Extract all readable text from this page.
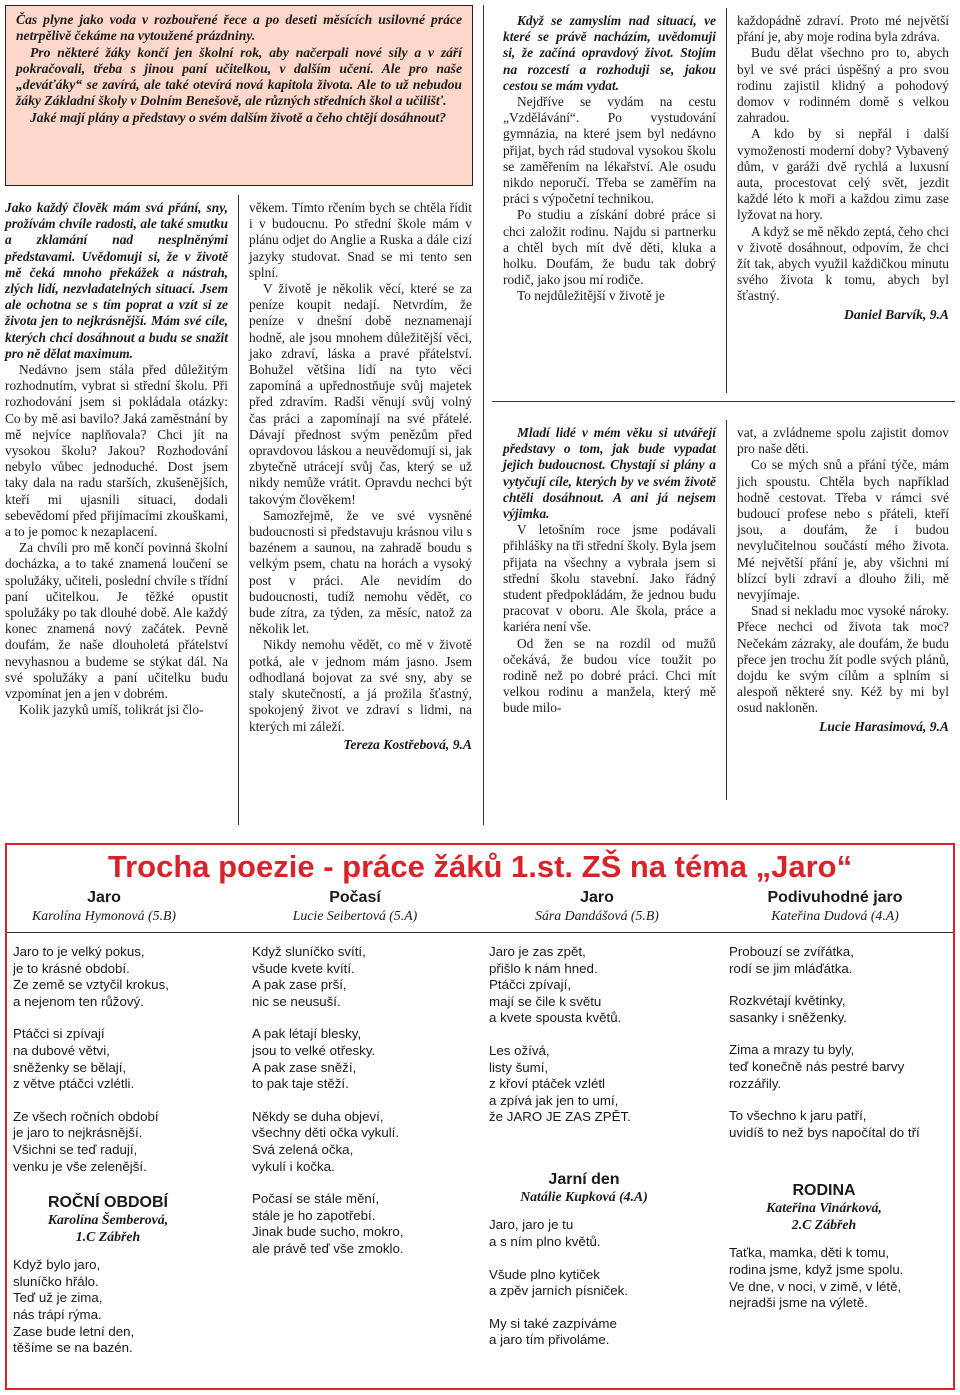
Čas plyne jako voda v rozbouřené řece a po deseti měsících usilovné práce netrpělivě čekáme na vytoužené prázdniny.

Pro některé žáky končí jen školní rok, aby načerpali nové síly a v září pokračovali, třeba s jinou paní učitelkou, v dalším učení. Ale pro naše „deváťáky“ se zavírá, ale také otevírá nová kapitola života. Ale to už nebudou žáky Základní školy v Dolním Benešově, ale různých středních škol a učilišť.

Jaké mají plány a představy o svém dalším životě a čeho chtějí dosáhnout?

Jako každý člověk mám svá přání, sny, prožívám chvíle radosti, ale také smutku a zklamání nad nesplněnými představami. Uvědomuji si, že v životě mě čeká mnoho překážek a nástrah, zlých lidí, nezvladatelných situací. Jsem ale ochotna se s tím poprat a vzít si ze života jen to nejkrásnější. Mám své cíle, kterých chci dosáhnout a budu se snažit pro ně dělat maximum.

Nedávno jsem stála před důležitým rozhodnutím, vybrat si střední školu. Při rozhodování jsem si pokládala otázky: Co by mě asi bavilo? Jaká zaměstnání by mě nejvíce naplňovala? Chci jít na vysokou školu? Jakou? Rozhodování nebylo vůbec jednoduché. Dost jsem taky dala na radu starších, zkušenějších, kteří mi ujasnili situaci, dodali sebevědomí před přijímacími zkouškami, a to je pomoc k nezaplacení.

Za chvíli pro mě končí povinná školní docházka, a to také znamená loučení se spolužáky, učiteli, poslední chvíle s třídní paní učitelkou. Je těžké opustit spolužáky po tak dlouhé době. Ale každý konec znamená nový začátek. Pevně doufám, že naše dlouholetá přátelství nevyhasnou a budeme se stýkat dál. Na své spolužáky a paní učitelku budu vzpomínat jen a jen v dobrém.

Kolik jazyků umíš, tolikrát jsi člo-

věkem. Tímto rčením bych se chtěla řídit i v budoucnu. Po střední škole mám v plánu odjet do Anglie a Ruska a dále cizí jazyky studovat. Snad se mi tento sen splní.

V životě je několik věcí, které se za peníze koupit nedají. Netvrdím, že peníze v dnešní době neznamenají hodně, ale jsou mnohem důležitější věci, jako zdraví, láska a pravé přátelství. Bohužel většina lidí na tyto věci zapomíná a upřednostňuje svůj majetek před zdravím. Radši věnují svůj volný čas práci a zapomínají na své přátelé. Dávají přednost svým penězům před opravdovou láskou a neuvědomují si, jak zbytečně utrácejí svůj čas, který se už nikdy nemůže vrátit. Opravdu nechci být takovým člověkem!

Samozřejmě, že ve své vysněné budoucnosti si představuju krásnou vilu s bazénem a saunou, na zahradě boudu s velkým psem, chatu na horách a vysoký post v práci. Ale nevidím do budoucnosti, tudíž nemohu vědět, co bude zítra, za týden, za měsíc, natož za několik let.

Nikdy nemohu vědět, co mě v životě potká, ale v jednom mám jasno. Jsem odhodlaná bojovat za své sny, aby se staly skutečností, a já prožila šťastný, spokojený život ve zdraví s lidmi, na kterých mi záleží.

Tereza Kostřebová, 9.A

Když se zamyslím nad situací, ve které se právě nacházím, uvědomuji si, že začíná opravdový život. Stojím na rozcestí a rozhoduji se, jakou cestou se mám vydat.

Nejdříve se vydám na cestu „Vzdělávání“. Po vystudování gymnázia, na které jsem byl nedávno přijat, bych rád studoval vysokou školu se zaměřením na lékařství. Ale osudu nikdo neporučí. Třeba se zaměřím na práci s výpočetní technikou.

Po studiu a získání dobré práce si chci založit rodinu. Najdu si partnerku a chtěl bych mít dvě děti, kluka a holku. Doufám, že budu tak dobrý rodič, jako jsou mí rodiče.

To nejdůležitější v životě je

každopádně zdraví. Proto mé největší přání je, aby moje rodina byla zdráva.

Budu dělat všechno pro to, abych byl ve své práci úspěšný a pro svou rodinu zajistil klidný a pohodový domov v rodinném domě s velkou zahradou.

A kdo by si nepřál i další vymoženosti moderní doby? Vybavený dům, v garáži dvě rychlá a luxusní auta, procestovat celý svět, jezdit každé léto k moři a každou zimu zase lyžovat na hory.

A když se mě někdo zeptá, čeho chci v životě dosáhnout, odpovím, že chci žít tak, abych využil každičkou minutu svého života k tomu, abych byl šťastný.

Daniel Barvík, 9.A

Mladí lidé v mém věku si utvářejí představy o tom, jak bude vypadat jejich budoucnost. Chystají si plány a vytyčují cíle, kterých by ve svém životě chtěli dosáhnout. A ani já nejsem výjimka.

V letošním roce jsme podávali přihlášky na tři střední školy. Byla jsem přijata na všechny a vybrala jsem si střední školu stavební. Jako řádný student předpokládám, že jednou budu pracovat v oboru. Ale škola, práce a kariéra není vše.

Od žen se na rozdíl od mužů očekává, že budou více toužit po rodině než po dobré práci. Chci mít velkou rodinu a manžela, který mě bude milo-

vat, a zvládneme spolu zajistit domov pro naše děti.

Co se mých snů a přání týče, mám jich spoustu. Chtěla bych například hodně cestovat. Třeba v rámci své budoucí profese nebo s přáteli, kteří jsou, a doufám, že i budou nevylučitelnou součástí mého života. Mé největší přání je, aby všichni mí blízcí byli zdraví a dlouho žili, mě nevyjímaje.

Snad si nekladu moc vysoké nároky. Přece nechci od života tak moc? Nečekám zázraky, ale doufám, že budu přece jen trochu žít podle svých plánů, dojdu ke svým cílům a splním si alespoň některé sny. Kéž by mi byl osud nakloněn.

Lucie Harasimová, 9.A
Trocha poezie - práce žáků 1.st. ZŠ na téma „Jaro“
Jaro
Karolína Hymonová (5.B)
Jaro to je velký pokus,
je to krásné období.
Ze země se vztyčil krokus,
a nejenom ten růžový.
Ptáčci si zpívají
na dubové větvi,
sněženky se bělají,
z větve ptáčci vzlétli.
Ze všech ročních období
je jaro to nejkrásnější.
Všichni se teď radují,
venku je vše zelenější.
ROČNÍ OBDOBÍ
Karolína Šemberová,
1.C Zábřeh
Když bylo jaro,
sluníčko hřálo.
Teď už je zima,
nás trápí rýma.
Zase bude letní den,
těšíme se na bazén.
Počasí
Lucie Seibertová (5.A)
Když sluníčko svítí,
všude kvete kvítí.
A pak zase prší,
nic se neusuší.
A pak létají blesky,
jsou to velké otřesky.
A pak zase sněží,
to pak taje stěží.
Někdy se duha objeví,
všechny děti očka vykulí.
Svá zelená očka,
vykulí i kočka.
Počasí se stále mění,
stále je ho zapotřebí.
Jinak bude sucho, mokro,
ale právě teď vše zmoklo.
Jaro
Sára Dandášová (5.B)
Jaro je zas zpět,
přišlo k nám hned.
Ptáčci zpívají,
mají se čile k světu
a kvete spousta květů.
Les ožívá,
listy šumí,
z křoví ptáček vzlétl
a zpívá jak jen to umí,
že JARO JE ZAS ZPĚT.
Jarní den
Natálie Kupková (4.A)
Jaro, jaro je tu
a s ním plno květů.
Všude plno kytiček
a zpěv jarních písniček.
My si také zazpíváme
a jaro tím přivoláme.
Podivuhodné jaro
Kateřina Dudová (4.A)
Probouzí se zvířátka,
rodí se jim mláďátka.
Rozkvétají květinky,
sasanky i sněženky.
Zima a mrazy tu byly,
teď konečně nás pestré barvy rozzářily.
To všechno k jaru patří,
uvidíš to než bys napočítal do tří
RODINA
Kateřina Vinárková,
2.C Zábřeh
Taťka, mamka, děti k tomu,
rodina jsme, když jsme spolu.
Ve dne, v noci, v zimě, v létě,
nejradši jsme na výletě.
